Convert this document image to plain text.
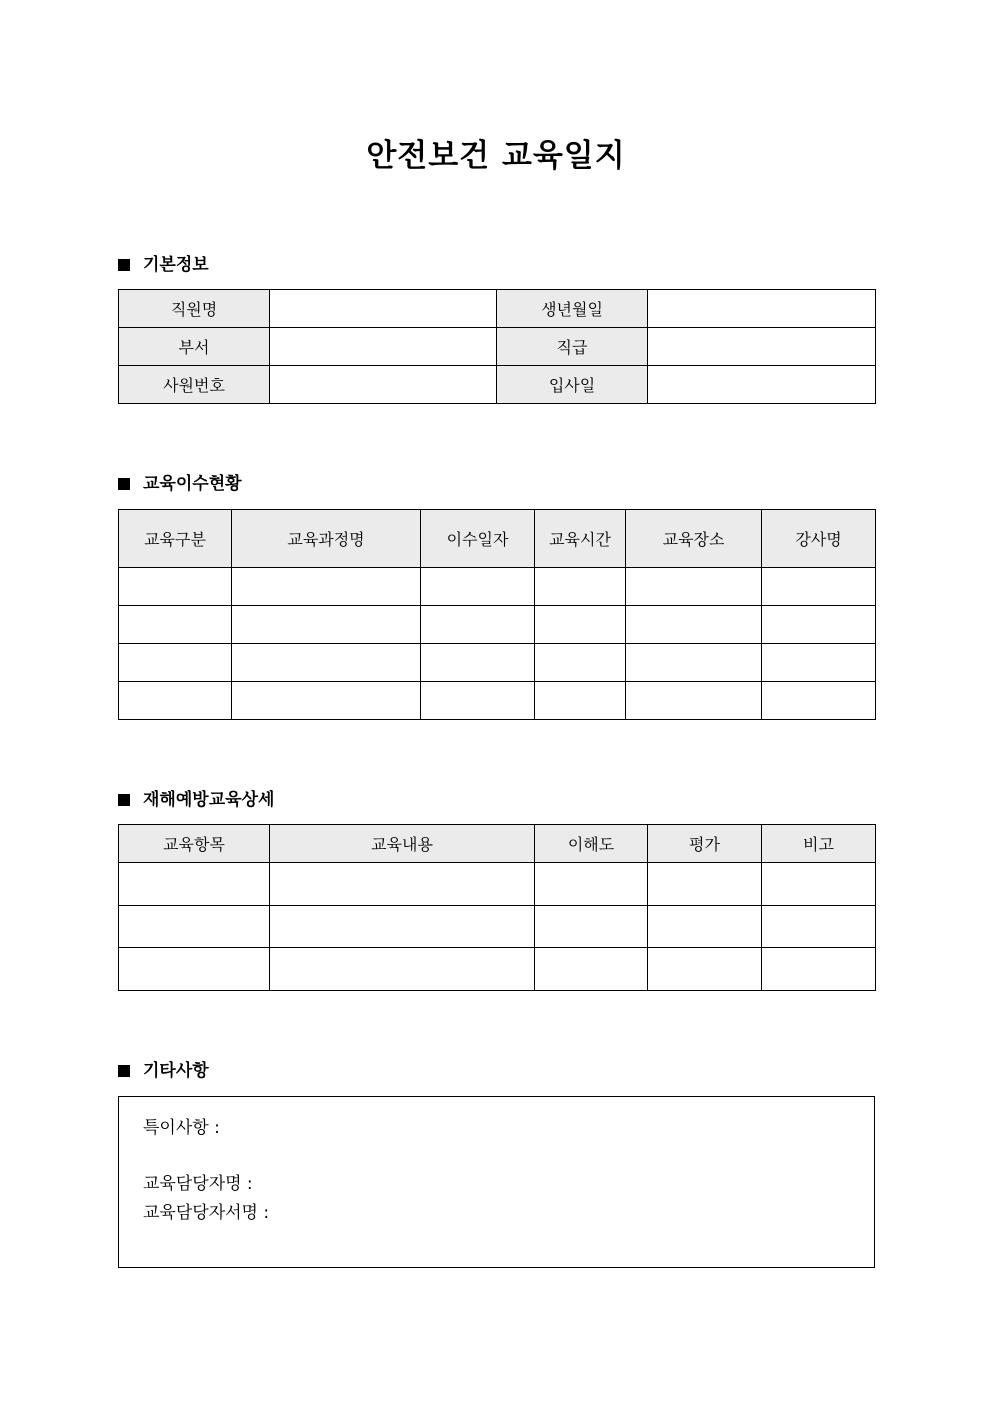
안전보건 교육일지
기본정보
직원명		생년월일	
부서		직급	
사원번호		입사일	
교육이수현황
교육구분	교육과정명	이수일자	교육시간	교육장소	강사명

재해예방교육상세
교육항목	교육내용	이해도	평가	비고

기타사항
특이사항 :
교육담당자명 :
교육담당자서명 :
